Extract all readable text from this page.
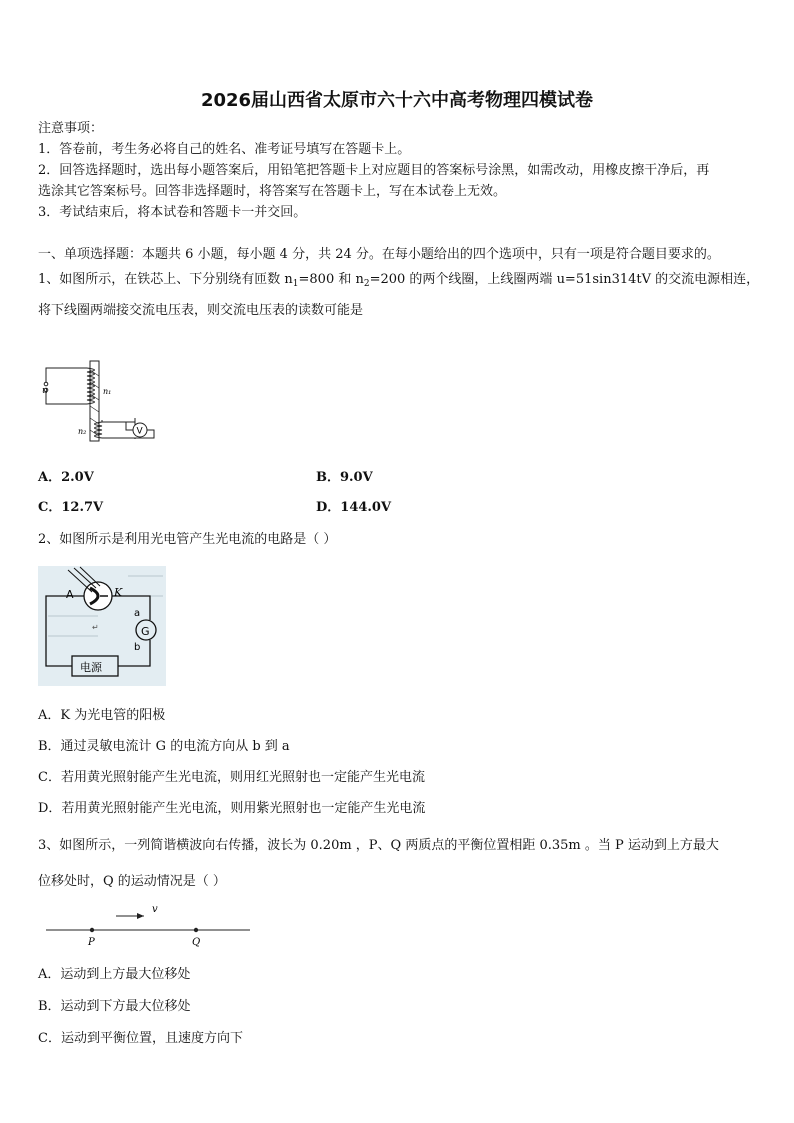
2026届山西省太原市六十六中高考物理四模试卷
注意事项：
1．答卷前，考生务必将自己的姓名、准考证号填写在答题卡上。
2．回答选择题时，选出每小题答案后，用铅笔把答题卡上对应题目的答案标号涂黑，如需改动，用橡皮擦干净后，再
选涂其它答案标号。回答非选择题时，将答案写在答题卡上，写在本试卷上无效。
3．考试结束后，将本试卷和答题卡一并交回。
一、单项选择题：本题共 6 小题，每小题 4 分，共 24 分。在每小题给出的四个选项中，只有一项是符合题目要求的。
1、如图所示，在铁芯上、下分别绕有匝数 $n_1=800$ 和 $n_2=200$ 的两个线圈，上线圈两端 u=51sin314tV 的交流电源相连，
将下线圈两端接交流电压表，则交流电压表的读数可能是
u	n₁
n₂	V
A．2.0V	B．9.0V
C．12.7V	D．144.0V
2、如图所示是利用光电管产生光电流的电路是（ ）
电源
G
a
b
A	K
↵
A．K 为光电管的阳极
B．通过灵敏电流计 G 的电流方向从 b 到 a
C．若用黄光照射能产生光电流，则用红光照射也一定能产生光电流
D．若用黄光照射能产生光电流，则用紫光照射也一定能产生光电流
3、如图所示，一列简谐横波向右传播，波长为 0.20m ，P、Q 两质点的平衡位置相距 0.35m 。当 P 运动到上方最大
位移处时，Q 的运动情况是（ ）
P	Q
v
A．运动到上方最大位移处
B．运动到下方最大位移处
C．运动到平衡位置，且速度方向下
